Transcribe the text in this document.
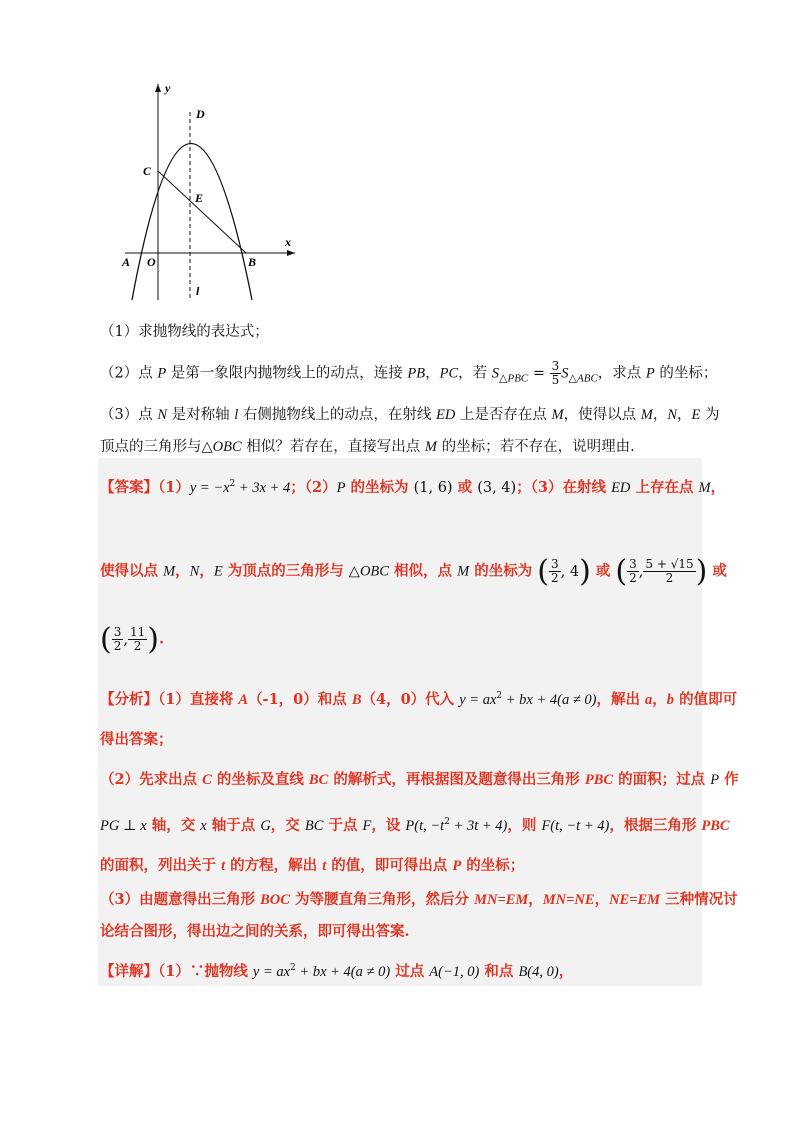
y
x
D
C
E
A O	B
l
（1）求抛物线的表达式；
（2）点 P 是第一象限内抛物线上的动点，连接 PB，PC，若 $S_{\triangle PBC} = \frac{3}{5} S_{\triangle ABC}$，求点 P 的坐标；
（3）点 N 是对称轴 l 右侧抛物线上的动点，在射线 ED 上是否存在点 M，使得以点 M，N，E 为
顶点的三角形与△OBC 相似？若存在，直接写出点 M 的坐标；若不存在，说明理由.
【答案】$(1)y = -x^2 + 3x + 4$；（2）P 的坐标为 (1, 6) 或 (3, 4)；（3）在射线 ED 上存在点 M，
使得以点 M，N，E 为顶点的三角形与 △OBC 相似，点 M 的坐标为 ( $\frac{3}{2}$ , 4) 或 ( $\frac{3}{2}$ , $\frac{5 + √15}{2}$ ) 或
( $\frac{3}{2}$ , $\frac{11}{2}$ ).
【分析】（1）直接将 A（-1，0）和点 B（4，0）代入 $y = ax^2$ + bx + 4(a ≠ 0)，解出 a，b 的值即可
得出答案；
（2）先求出点 C 的坐标及直线 BC 的解析式，再根据图及题意得出三角形 PBC 的面积；过点 P 作
PG ⊥ x 轴，交 x 轴于点 G，交 BC 于点 F，设 P(t, $-t^2 + 3t + 4$)，则 F(t, −t + 4)，根据三角形 PBC
的面积，列出关于 t 的方程，解出 t 的值，即可得出点 P 的坐标；
（3）由题意得出三角形 BOC 为等腰直角三角形，然后分 MN=EM，MN=NE，NE=EM 三种情况讨
论结合图形，得出边之间的关系，即可得出答案.
【详解】（1）∵抛物线 $y = ax^2$ + bx + 4(a ≠ 0) 过点 A(−1, 0) 和点 B(4, 0)，
